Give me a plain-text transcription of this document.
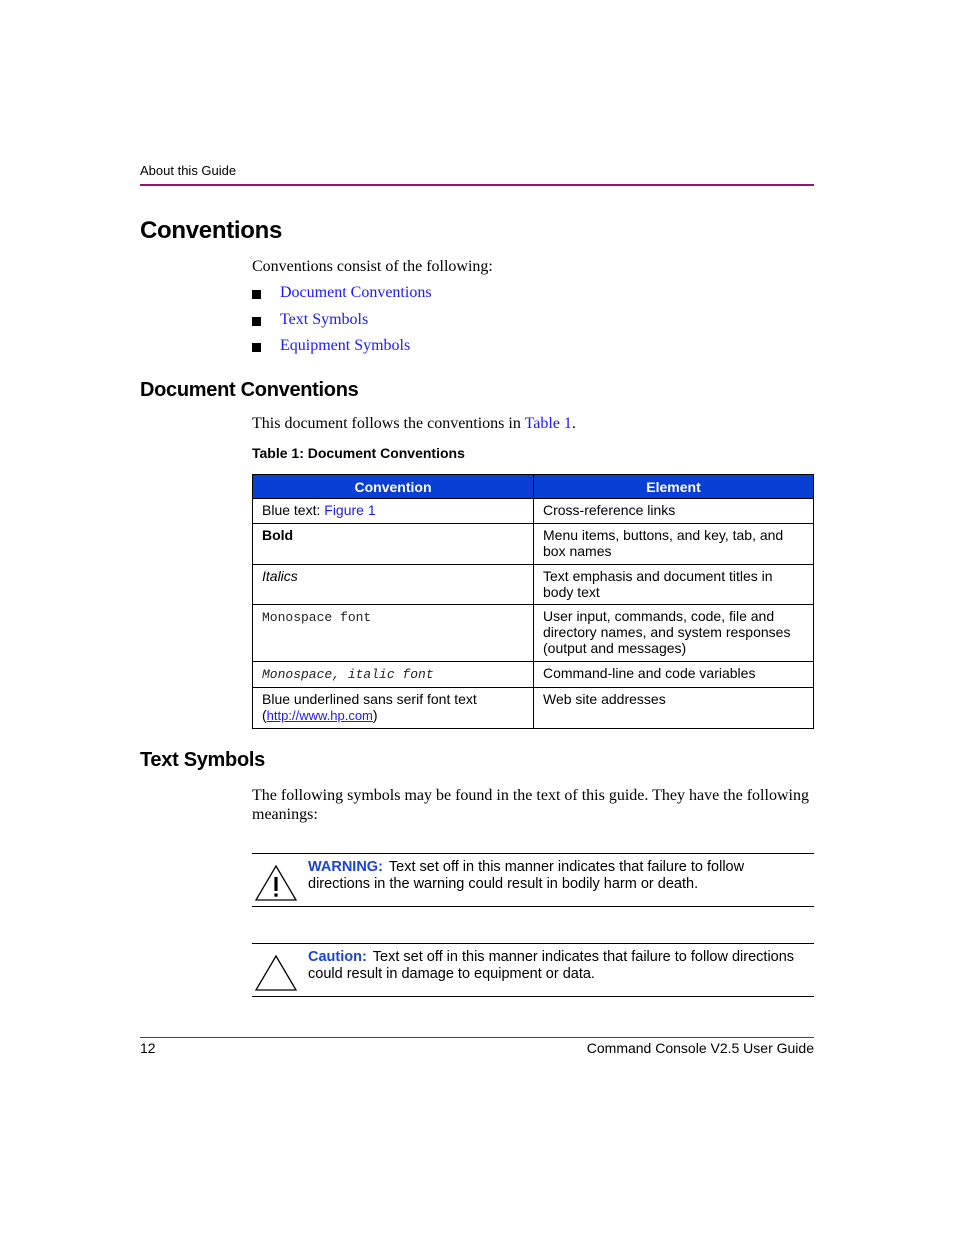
About this Guide
Conventions

Conventions consist of the following:

Document Conventions
Text Symbols
Equipment Symbols
Document Conventions

This document follows the conventions in Table 1.

Table 1: Document Conventions

Convention	Element
Blue text: Figure 1	Cross-reference links
Bold	Menu items, buttons, and key, tab, and box names
Italics	Text emphasis and document titles in body text
Monospace font	User input, commands, code, file and directory names, and system responses (output and messages)
Monospace, italic font	Command-line and code variables
Blue underlined sans serif font text (http://www.hp.com)	Web site addresses
Text Symbols

The following symbols may be found in the text of this guide. They have the following meanings:

WARNING: Text set off in this manner indicates that failure to follow directions in the warning could result in bodily harm or death.
Caution: Text set off in this manner indicates that failure to follow directions could result in damage to equipment or data.
12	Command Console V2.5 User Guide
